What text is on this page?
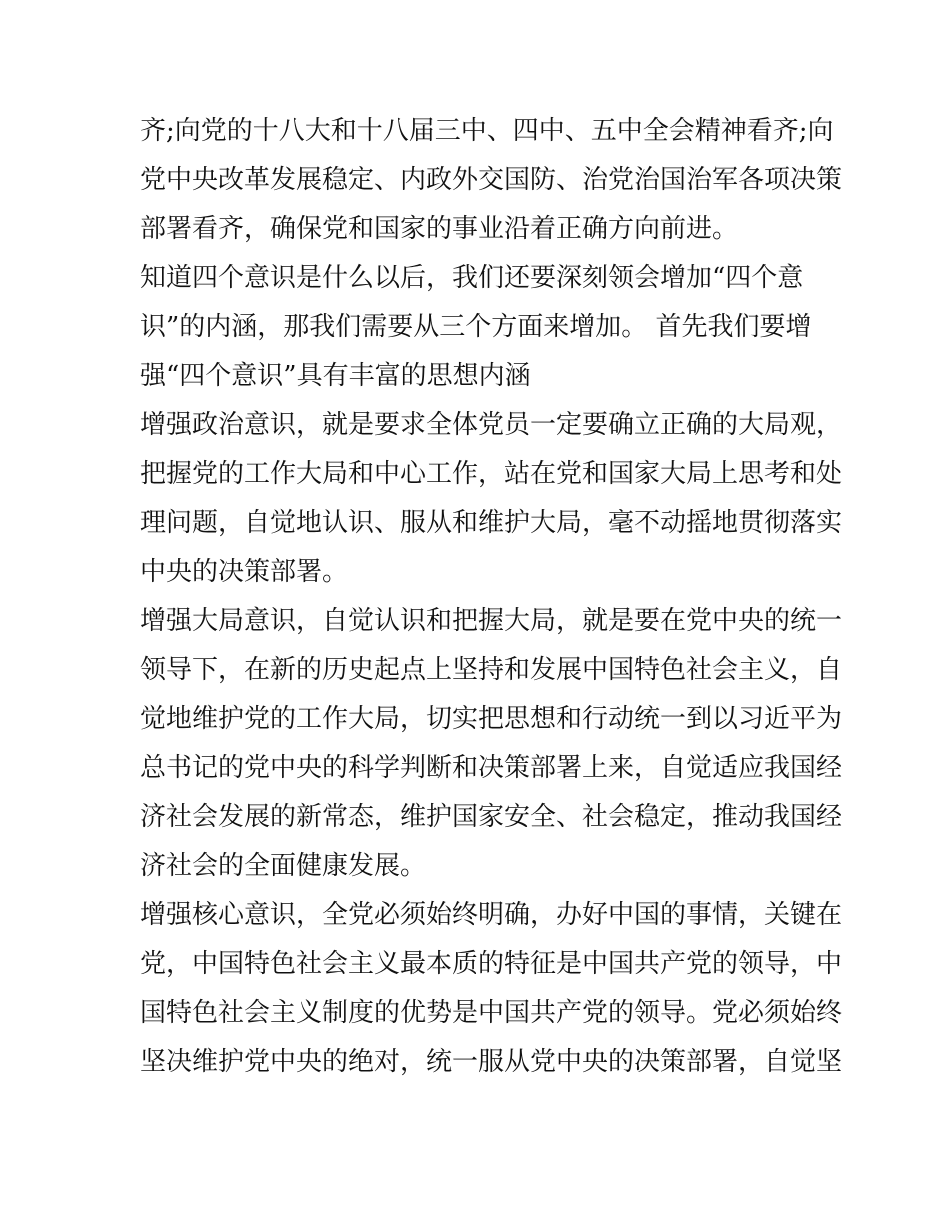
齐;向党的十八大和十八届三中、四中、五中全会精神看齐;向
党中央改革发展稳定、内政外交国防、治党治国治军各项决策
部署看齐，确保党和国家的事业沿着正确方向前进。

知道四个意识是什么以后，我们还要深刻领会增加“四个意
识”的内涵，那我们需要从三个方面来增加。 首先我们要增
强“四个意识”具有丰富的思想内涵

增强政治意识，就是要求全体党员一定要确立正确的大局观，
把握党的工作大局和中心工作，站在党和国家大局上思考和处
理问题，自觉地认识、服从和维护大局，毫不动摇地贯彻落实
中央的决策部署。

增强大局意识，自觉认识和把握大局，就是要在党中央的统一
领导下，在新的历史起点上坚持和发展中国特色社会主义，自
觉地维护党的工作大局，切实把思想和行动统一到以习近平为
总书记的党中央的科学判断和决策部署上来，自觉适应我国经
济社会发展的新常态，维护国家安全、社会稳定，推动我国经
济社会的全面健康发展。

增强核心意识，全党必须始终明确，办好中国的事情，关键在
党，中国特色社会主义最本质的特征是中国共产党的领导，中
国特色社会主义制度的优势是中国共产党的领导。党必须始终
坚决维护党中央的绝对，统一服从党中央的决策部署，自觉坚
